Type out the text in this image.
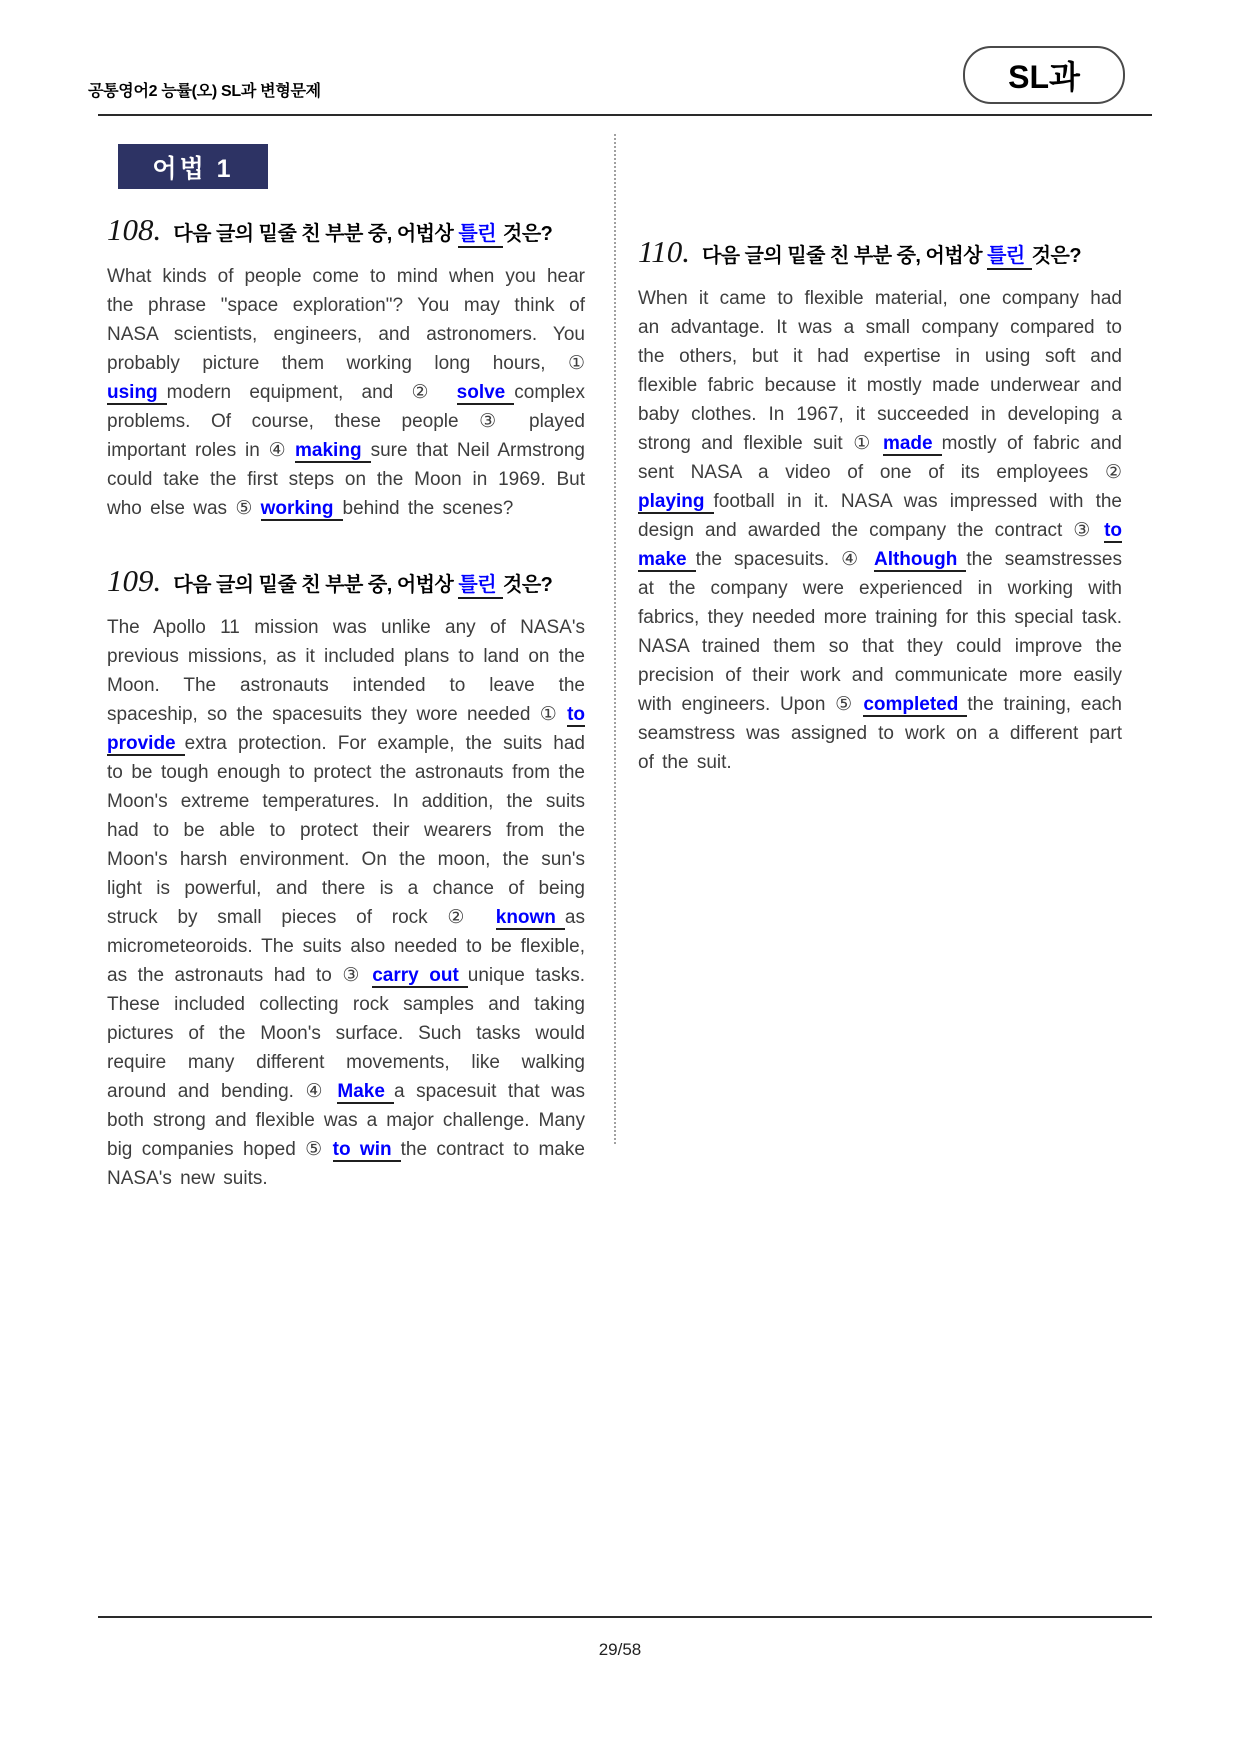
공통영어2 능률(오) SL과 변형문제	SL과
어법 1
108. 다음 글의 밑줄 친 부분 중, 어법상 틀린 것은?

What kinds of people come to mind when you hear the phrase "space exploration"? You may think of NASA scientists, engineers, and astronomers. You probably picture them working long hours, ① using modern equipment, and ② solve complex problems. Of course, these people ③ played important roles in ④ making sure that Neil Armstrong could take the first steps on the Moon in 1969. But who else was ⑤ working behind the scenes?

109. 다음 글의 밑줄 친 부분 중, 어법상 틀린 것은?

The Apollo 11 mission was unlike any of NASA's previous missions, as it included plans to land on the Moon. The astronauts intended to leave the spaceship, so the spacesuits they wore needed ① to provide extra protection. For example, the suits had to be tough enough to protect the astronauts from the Moon's extreme temperatures. In addition, the suits had to be able to protect their wearers from the Moon's harsh environment. On the moon, the sun's light is powerful, and there is a chance of being struck by small pieces of rock ② known as micrometeoroids. The suits also needed to be flexible, as the astronauts had to ③ carry out unique tasks. These included collecting rock samples and taking pictures of the Moon's surface. Such tasks would require many different movements, like walking around and bending. ④ Make a spacesuit that was both strong and flexible was a major challenge. Many big companies hoped ⑤ to win the contract to make NASA's new suits.

110. 다음 글의 밑줄 친 부분 중, 어법상 틀린 것은?

When it came to flexible material, one company had an advantage. It was a small company compared to the others, but it had expertise in using soft and flexible fabric because it mostly made underwear and baby clothes. In 1967, it succeeded in developing a strong and flexible suit ① made mostly of fabric and sent NASA a video of one of its employees ② playing football in it. NASA was impressed with the design and awarded the company the contract ③ to make the spacesuits. ④ Although the seamstresses at the company were experienced in working with fabrics, they needed more training for this special task. NASA trained them so that they could improve the precision of their work and communicate more easily with engineers. Upon ⑤ completed the training, each seamstress was assigned to work on a different part of the suit.

29/58
